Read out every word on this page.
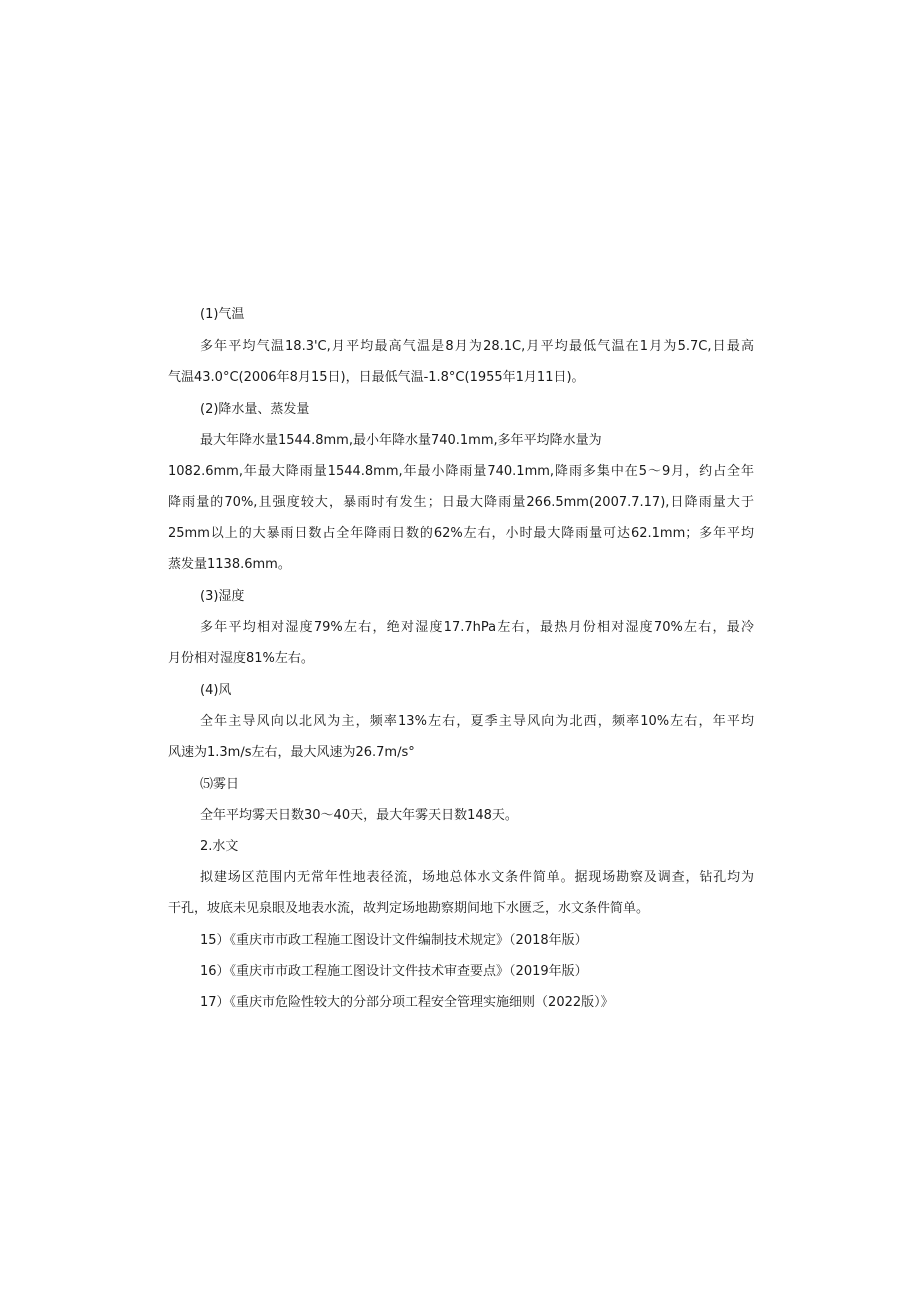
(1)气温
多年平均气温18.3'C,月平均最高气温是8月为28.1C,月平均最低气温在1月为5.7C,日最高
气温43.0°C(2006年8月15日)，日最低气温-1.8°C(1955年1月11日)。
(2)降水量、蒸发量
最大年降水量1544.8mm,最小年降水量740.1mm,多年平均降水量为
1082.6mm,年最大降雨量1544.8mm,年最小降雨量740.1mm,降雨多集中在5～9月，约占全年
降雨量的70%,且强度较大，暴雨时有发生；日最大降雨量266.5mm(2007.7.17),日降雨量大于
25mm以上的大暴雨日数占全年降雨日数的62%左右，小时最大降雨量可达62.1mm；多年平均
蒸发量1138.6mm。
(3)湿度
多年平均相对湿度79%左右，绝对湿度17.7hPa左右，最热月份相对湿度70%左右，最冷
月份相对湿度81%左右。
(4)风
全年主导风向以北风为主，频率13%左右，夏季主导风向为北西，频率10%左右，年平均
风速为1.3m∕s左右，最大风速为26.7m∕s°
⑸雾日
全年平均雾天日数30～40天，最大年雾天日数148天。
2.水文
拟建场区范围内无常年性地表径流，场地总体水文条件简单。据现场勘察及调查，钻孔均为
干孔，坡底未见泉眼及地表水流，故判定场地勘察期间地下水匮乏，水文条件简单。
15）《重庆市市政工程施工图设计文件编制技术规定》（2018年版）
16）《重庆市市政工程施工图设计文件技术审查要点》（2019年版）
17）《重庆市危险性较大的分部分项工程安全管理实施细则（2022版）》
